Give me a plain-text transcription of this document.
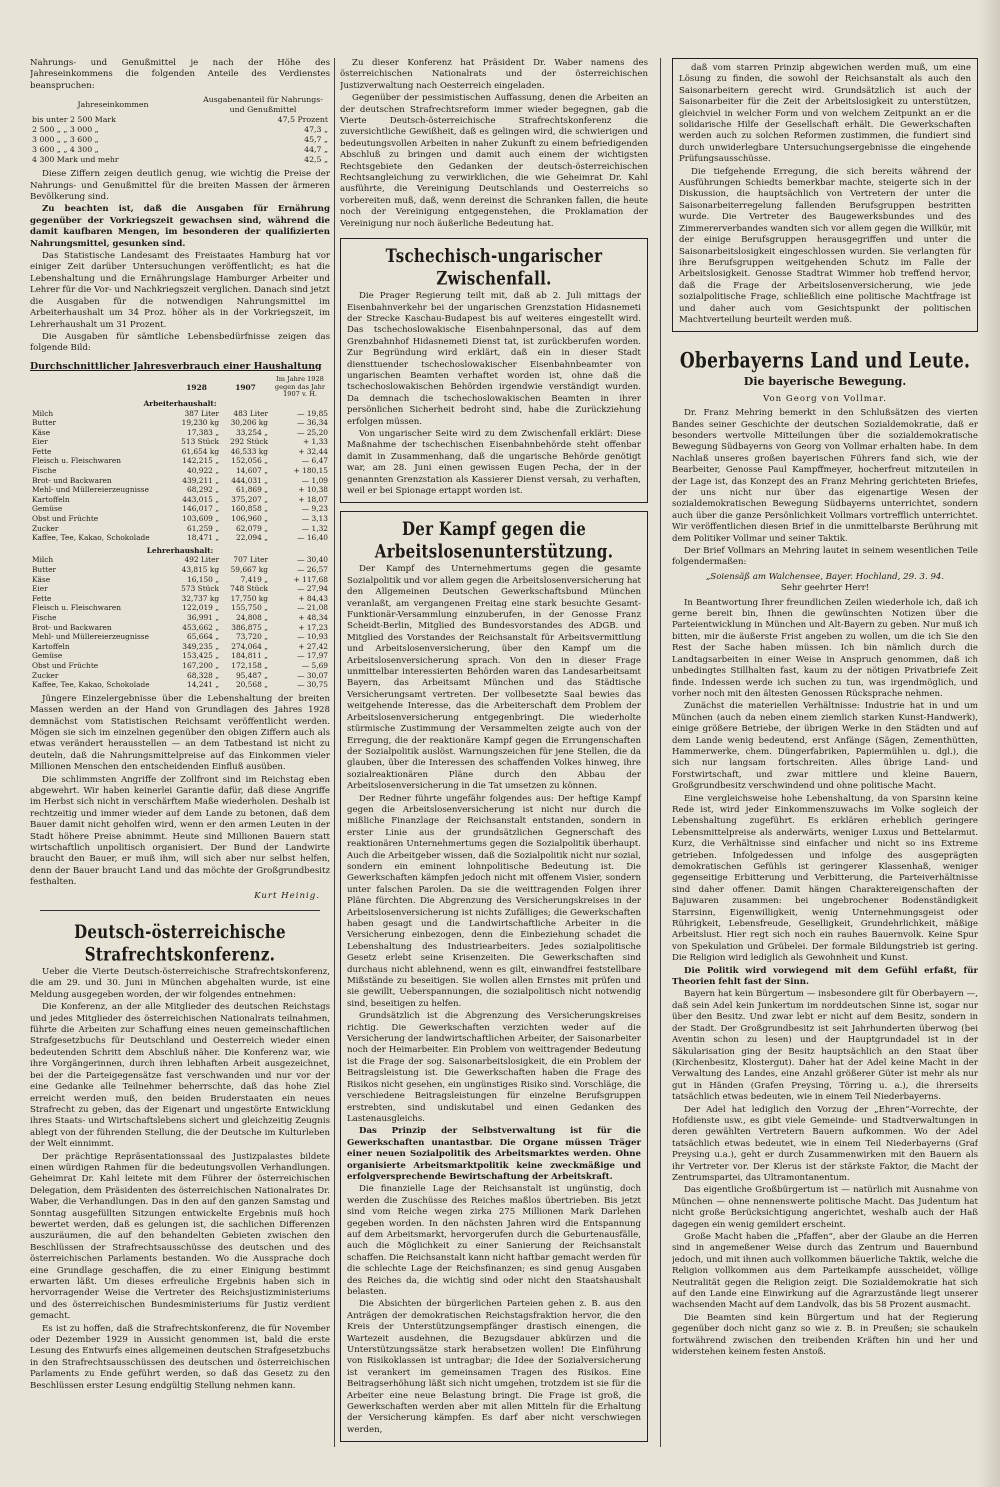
Nahrungs- und Genußmittel je nach der Höhe des Jahreseinkommens die folgenden Anteile des Verdienstes beanspruchen:

Jahreseinkommen	Ausgabenanteil für Nahrungs- und Genußmittel
bis unter 2 500 Mark	47,5 Prozent
2 500 „ „ 3 000 „	47,3 „
3 000 „ „ 3 600 „	45,7 „
3 600 „ „ 4 300 „	44,7 „
4 300 Mark und mehr	42,5 „

Diese Ziffern zeigen deutlich genug, wie wichtig die Preise der Nahrungs- und Genußmittel für die breiten Massen der ärmeren Bevölkerung sind.

Zu beachten ist, daß die Ausgaben für Ernährung gegenüber der Vorkriegszeit gewachsen sind, während die damit kaufbaren Mengen, im besonderen der qualifizierten Nahrungsmittel, gesunken sind.

Das Statistische Landesamt des Freistaates Hamburg hat vor einiger Zeit darüber Untersuchungen veröffentlicht; es hat die Lebenshaltung und die Ernährungslage Hamburger Arbeiter und Lehrer für die Vor- und Nachkriegszeit verglichen. Danach sind jetzt die Ausgaben für die notwendigen Nahrungsmittel im Arbeiterhaushalt um 34 Proz. höher als in der Vorkriegszeit, im Lehrerhaushalt um 31 Prozent.

Die Ausgaben für sämtliche Lebensbedürfnisse zeigen das folgende Bild:

Durchschnittlicher Jahresverbrauch einer Haushaltung
	1928	1907	Im Jahre 1928 gegen das Jahr 1907 v. H.
Arbeiterhaushalt:			
Milch	387 Liter	483 Liter	— 19,85
Butter	19,230 kg	30,206 kg	— 36,34
Käse	17,383 „	33,254 „	— 25,20
Eier	513 Stück	292 Stück	+ 1,33
Fette	61,654 kg	46,533 kg	+ 32,44
Fleisch u. Fleischwaren	142,215 „	152,056 „	— 6,47
Fische	40,922 „	14,607 „	+ 180,15
Brot- und Backwaren	439,211 „	444,031 „	— 1,09
Mehl- und Müllereierzeugnisse	68,292 „	61,869 „	+ 10,38
Kartoffeln	443,015 „	375,207 „	+ 18,07
Gemüse	146,017 „	160,858 „	— 9,23
Obst und Früchte	103,609 „	106,960 „	— 3,13
Zucker	61,259 „	62,079 „	— 1,32
Kaffee, Tee, Kakao, Schokolade	18,471 „	22,094 „	— 16,40
Lehrerhaushalt:			
Milch	492 Liter	707 Liter	— 30,40
Butter	43,815 kg	59,667 kg	— 26,57
Käse	16,150 „	7,419 „	+ 117,68
Eier	573 Stück	748 Stück	— 27,94
Fette	32,737 kg	17,750 kg	+ 84,43
Fleisch u. Fleischwaren	122,019 „	155,750 „	— 21,08
Fische	36,991 „	24,808 „	+ 48,34
Brot- und Backwaren	453,662 „	386,875 „	+ 17,23
Mehl- und Müllereierzeugnisse	65,664 „	73,720 „	— 10,93
Kartoffeln	349,235 „	274,064 „	+ 27,42
Gemüse	153,425 „	184,811 „	— 17,97
Obst und Früchte	167,200 „	172,158 „	— 5,69
Zucker	68,328 „	95,487 „	— 30,07
Kaffee, Tee, Kakao, Schokolade	14,241 „	20,568 „	— 30,75

Jüngere Einzelergebnisse über die Lebenshaltung der breiten Massen werden an der Hand von Grundlagen des Jahres 1928 demnächst vom Statistischen Reichsamt veröffentlicht werden. Mögen sie sich im einzelnen gegenüber den obigen Ziffern auch als etwas verändert herausstellen — an dem Tatbestand ist nicht zu deuteln, daß die Nahrungsmittelpreise auf das Einkommen vieler Millionen Menschen den entscheidenden Einfluß ausüben.

Die schlimmsten Angriffe der Zollfront sind im Reichstag eben abgewehrt. Wir haben keinerlei Garantie dafür, daß diese Angriffe im Herbst sich nicht in verschärftem Maße wiederholen. Deshalb ist rechtzeitig und immer wieder auf dem Lande zu betonen, daß dem Bauer damit nicht geholfen wird, wenn er den armen Leuten in der Stadt höhere Preise abnimmt. Heute sind Millionen Bauern statt wirtschaftlich unpolitisch organisiert. Der Bund der Landwirte braucht den Bauer, er muß ihm, will sich aber nur selbst helfen, denn der Bauer braucht Land und das möchte der Großgrundbesitz festhalten.

Kurt Heinig.
Deutsch-österreichische Strafrechtskonferenz.

Ueber die Vierte Deutsch-österreichische Strafrechtskonferenz, die am 29. und 30. Juni in München abgehalten wurde, ist eine Meldung ausgegeben worden, der wir folgendes entnehmen:

Die Konferenz, an der alle Mitglieder des deutschen Reichstags und jedes Mitglieder des österreichischen Nationalrats teilnahmen, führte die Arbeiten zur Schaffung eines neuen gemeinschaftlichen Strafgesetzbuchs für Deutschland und Oesterreich wieder einen bedeutenden Schritt dem Abschluß näher. Die Konferenz war, wie ihre Vorgängerinnen, durch ihren lebhaften Arbeit ausgezeichnet, bei der die Parteigegensätze fast verschwanden und nur vor der eine Gedanke alle Teilnehmer beherrschte, daß das hohe Ziel erreicht werden muß, den beiden Bruderstaaten ein neues Strafrecht zu geben, das der Eigenart und ungestörte Entwicklung ihres Staats- und Wirtschaftslebens sichert und gleichzeitig Zeugnis ablegt von der führenden Stellung, die der Deutsche im Kulturleben der Welt einnimmt.

Der prächtige Repräsentationssaal des Justizpalastes bildete einen würdigen Rahmen für die bedeutungsvollen Verhandlungen. Geheimrat Dr. Kahl leitete mit dem Führer der österreichischen Delegation, dem Präsidenten des österreichischen Nationalrates Dr. Waber, die Verhandlungen. Das in den auf den ganzen Samstag und Sonntag ausgefüllten Sitzungen entwickelte Ergebnis muß hoch bewertet werden, daß es gelungen ist, die sachlichen Differenzen auszuräumen, die auf den behandelten Gebieten zwischen den Beschlüssen der Strafrechtsausschüsse des deutschen und des österreichischen Parlaments bestanden. Wo die Aussprache doch eine Grundlage geschaffen, die zu einer Einigung bestimmt erwarten läßt. Um dieses erfreuliche Ergebnis haben sich in hervorragender Weise die Vertreter des Reichsjustizministeriums und des österreichischen Bundesministeriums für Justiz verdient gemacht.

Es ist zu hoffen, daß die Strafrechtskonferenz, die für November oder Dezember 1929 in Aussicht genommen ist, bald die erste Lesung des Entwurfs eines allgemeinen deutschen Strafgesetzbuchs in den Strafrechtsausschüssen des deutschen und österreichischen Parlaments zu Ende geführt werden, so daß das Gesetz zu den Beschlüssen erster Lesung endgültig Stellung nehmen kann.

Zu dieser Konferenz hat Präsident Dr. Waber namens des österreichischen Nationalrats und der österreichischen Justizverwaltung nach Oesterreich eingeladen.

Gegenüber der pessimistischen Auffassung, denen die Arbeiten an der deutschen Strafrechtsreform immer wieder begegnen, gab die Vierte Deutsch-österreichische Strafrechtskonferenz die zuversichtliche Gewißheit, daß es gelingen wird, die schwierigen und bedeutungsvollen Arbeiten in naher Zukunft zu einem befriedigenden Abschluß zu bringen und damit auch einem der wichtigsten Rechtsgebiete den Gedanken der deutsch-österreichischen Rechtsangleichung zu verwirklichen, die wie Geheimrat Dr. Kahl ausführte, die Vereinigung Deutschlands und Oesterreichs so vorbereiten muß, daß, wenn dereinst die Schranken fallen, die heute noch der Vereinigung entgegenstehen, die Proklamation der Vereinigung nur noch äußerliche Bedeutung hat.

Tschechisch-ungarischer Zwischenfall.

Die Prager Regierung teilt mit, daß ab 2. Juli mittags der Eisenbahnverkehr bei der ungarischen Grenzstation Hidasnemeti der Strecke Kaschau-Budapest bis auf weiteres eingestellt wird. Das tschechoslowakische Eisenbahnpersonal, das auf dem Grenzbahnhof Hidasnemeti Dienst tat, ist zurückberufen worden. Zur Begründung wird erklärt, daß ein in dieser Stadt diensttuender tschechoslowakischer Eisenbahnbeamter von ungarischen Beamten verhaftet worden ist, ohne daß die tschechoslowakischen Behörden irgendwie verständigt wurden. Da demnach die tschechoslowakischen Beamten in ihrer persönlichen Sicherheit bedroht sind, habe die Zurückziehung erfolgen müssen.

Von ungarischer Seite wird zu dem Zwischenfall erklärt: Diese Maßnahme der tschechischen Eisenbahnbehörde steht offenbar damit in Zusammenhang, daß die ungarische Behörde genötigt war, am 28. Juni einen gewissen Eugen Pecha, der in der genannten Grenzstation als Kassierer Dienst versah, zu verhaften, weil er bei Spionage ertappt worden ist.

Der Kampf gegen die Arbeitslosenunterstützung.

Der Kampf des Unternehmertums gegen die gesamte Sozialpolitik und vor allem gegen die Arbeitslosenversicherung hat den Allgemeinen Deutschen Gewerkschaftsbund München veranlaßt, am vergangenen Freitag eine stark besuchte Gesamt-Funktionär-Versammlung einzuberufen, in der Genosse Franz Scheidt-Berlin, Mitglied des Bundesvorstandes des ADGB. und Mitglied des Vorstandes der Reichsanstalt für Arbeitsvermittlung und Arbeitslosenversicherung, über den Kampf um die Arbeitslosenversicherung sprach. Von den in dieser Frage unmittelbar interessierten Behörden waren das Landesarbeitsamt Bayern, das Arbeitsamt München und das Städtische Versicherungsamt vertreten. Der vollbesetzte Saal bewies das weitgehende Interesse, das die Arbeiterschaft dem Problem der Arbeitslosenversicherung entgegenbringt. Die wiederholte stürmische Zustimmung der Versammelten zeigte auch von der Erregung, die der reaktionäre Kampf gegen die Errungenschaften der Sozialpolitik auslöst. Warnungszeichen für jene Stellen, die da glauben, über die Interessen des schaffenden Volkes hinweg, ihre sozialreaktionären Pläne durch den Abbau der Arbeitslosenversicherung in die Tat umsetzen zu können.

Der Redner führte ungefähr folgendes aus: Der heftige Kampf gegen die Arbeitslosenversicherung ist nicht nur durch die mißliche Finanzlage der Reichsanstalt entstanden, sondern in erster Linie aus der grundsätzlichen Gegnerschaft des reaktionären Unternehmertums gegen die Sozialpolitik überhaupt. Auch die Arbeitgeber wissen, daß die Sozialpolitik nicht nur sozial, sondern ein eminent lohnpolitische Bedeutung ist. Die Gewerkschaften kämpfen jedoch nicht mit offenem Visier, sondern unter falschen Parolen. Da sie die weittragenden Folgen ihrer Pläne fürchten. Die Abgrenzung des Versicherungskreises in der Arbeitslosenversicherung ist nichts Zufälliges; die Gewerkschaften haben gesagt und die Landwirtschaftliche Arbeiter in die Versicherung einbezogen, denn die Einbeziehung schadet die Lebenshaltung des Industriearbeiters. Jedes sozialpolitische Gesetz erlebt seine Krisenzeiten. Die Gewerkschaften sind durchaus nicht ablehnend, wenn es gilt, einwandfrei feststellbare Mißstände zu beseitigen. Sie wollen allen Ernstes mit prüfen und sie gewillt, Ueberspannungen, die sozialpolitisch nicht notwendig sind, beseitigen zu helfen.

Grundsätzlich ist die Abgrenzung des Versicherungskreises richtig. Die Gewerkschaften verzichten weder auf die Versicherung der landwirtschaftlichen Arbeiter, der Saisonarbeiter noch der Heimarbeiter. Ein Problem von weittragender Bedeutung ist die Frage der sog. Saisonarbeitslosigkeit, die ein Problem der Beitragsleistung ist. Die Gewerkschaften haben die Frage des Risikos nicht gesehen, ein ungünstiges Risiko sind. Vorschläge, die verschiedene Beitragsleistungen für einzelne Berufsgruppen erstrebten, sind undiskutabel und einen Gedanken des Lastenausgleichs.

Das Prinzip der Selbstverwaltung ist für die Gewerkschaften unantastbar. Die Organe müssen Träger einer neuen Sozialpolitik des Arbeitsmarktes werden. Ohne organisierte Arbeitsmarktpolitik keine zweckmäßige und erfolgversprechende Bewirtschaftung der Arbeitskraft.

Die finanzielle Lage der Reichsanstalt ist ungünstig, doch werden die Zuschüsse des Reiches maßlos übertrieben. Bis jetzt sind vom Reiche wegen zirka 275 Millionen Mark Darlehen gegeben worden. In den nächsten Jahren wird die Entspannung auf dem Arbeitsmarkt, hervorgerufen durch die Geburtenausfälle, auch die Möglichkeit zu einer Sanierung der Reichsanstalt schaffen. Die Reichsanstalt kann nicht haftbar gemacht werden für die schlechte Lage der Reichsfinanzen; es sind genug Ausgaben des Reiches da, die wichtig sind oder nicht den Staatshaushalt belasten.

Die Absichten der bürgerlichen Parteien gehen z. B. aus den Anträgen der demokratischen Reichstagsfraktion hervor, die den Kreis der Unterstützungsempfänger drastisch einengen, die Wartezeit ausdehnen, die Bezugsdauer abkürzen und die Unterstützungssätze stark herabsetzen wollen! Die Einführung von Risikoklassen ist untragbar; die Idee der Sozialversicherung ist verankert im gemeinsamen Tragen des Risikos. Eine Beitragserhöhung läßt sich nicht umgehen, trotzdem ist sie für die Arbeiter eine neue Belastung bringt. Die Frage ist groß, die Gewerkschaften werden aber mit allen Mitteln für die Erhaltung der Versicherung kämpfen. Es darf aber nicht verschwiegen werden,

daß vom starren Prinzip abgewichen werden muß, um eine Lösung zu finden, die sowohl der Reichsanstalt als auch den Saisonarbeitern gerecht wird. Grundsätzlich ist auch der Saisonarbeiter für die Zeit der Arbeitslosigkeit zu unterstützen, gleichviel in welcher Form und von welchem Zeitpunkt an er die solidarische Hilfe der Gesellschaft erhält. Die Gewerkschaften werden auch zu solchen Reformen zustimmen, die fundiert sind durch unwiderlegbare Untersuchungsergebnisse die eingehende Prüfungsausschüsse.

Die tiefgehende Erregung, die sich bereits während der Ausführungen Schiedts bemerkbar machte, steigerte sich in der Diskussion, die hauptsächlich von Vertretern der unter die Saisonarbeiterregelung fallenden Berufsgruppen bestritten wurde. Die Vertreter des Baugewerksbundes und des Zimmererverbandes wandten sich vor allem gegen die Willkür, mit der einige Berufsgruppen herausgegriffen und unter die Saisonarbeitslosigkeit eingeschlossen wurden. Sie verlangten für ihre Berufsgruppen weitgehenden Schutz im Falle der Arbeitslosigkeit. Genosse Stadtrat Wimmer hob treffend hervor, daß die Frage der Arbeitslosenversicherung, wie jede sozialpolitische Frage, schließlich eine politische Machtfrage ist und daher auch vom Gesichtspunkt der politischen Machtverteilung beurteilt werden muß.

Oberbayerns Land und Leute.
Die bayerische Bewegung.
Von Georg von Vollmar.

Dr. Franz Mehring bemerkt in den Schlußsätzen des vierten Bandes seiner Geschichte der deutschen Sozialdemokratie, daß er besonders wertvolle Mitteilungen über die sozialdemokratische Bewegung Südbayerns von Georg von Vollmar erhalten habe. In dem Nachlaß unseres großen bayerischen Führers fand sich, wie der Bearbeiter, Genosse Paul Kampffmeyer, hocherfreut mitzuteilen in der Lage ist, das Konzept des an Franz Mehring gerichteten Briefes, der uns nicht nur über das eigenartige Wesen der sozialdemokratischen Bewegung Südbayerns unterrichtet, sondern auch über die ganze Persönlichkeit Vollmars vortrefflich unterrichtet. Wir veröffentlichen diesen Brief in die unmittelbarste Berührung mit dem Politiker Vollmar und seiner Taktik.

Der Brief Vollmars an Mehring lautet in seinem wesentlichen Teile folgendermaßen:

„Soiensäß am Walchensee, Bayer. Hochland, 29. 3. 94.
Sehr geehrter Herr!

In Beantwortung Ihrer freundlichen Zeilen wiederhole ich, daß ich gerne bereit bin, Ihnen die gewünschten Notizen über die Parteientwicklung in München und Alt-Bayern zu geben. Nur muß ich bitten, mir die äußerste Frist angeben zu wollen, um die ich Sie den Rest der Sache haben müssen. Ich bin nämlich durch die Landtagsarbeiten in einer Weise in Anspruch genommen, daß ich unbedingtes Stillhalten fast, kaum zu der nötigen Privatbriefe Zeit finde. Indessen werde ich suchen zu tun, was irgendmöglich, und vorher noch mit den ältesten Genossen Rücksprache nehmen.

Zunächst die materiellen Verhältnisse: Industrie hat in und um München (auch da neben einem ziemlich starken Kunst-Handwerk), einige größere Betriebe, der übrigen Werke in den Städten und auf dem Lande wenig bedeutend, erst Anfänge (Sägen, Zementhütten, Hammerwerke, chem. Düngerfabriken, Papiermühlen u. dgl.), die sich nur langsam fortschreiten. Alles übrige Land- und Forstwirtschaft, und zwar mittlere und kleine Bauern, Großgrundbesitz verschwindend und ohne politische Macht.

Eine vergleichsweise hohe Lebenshaltung, da von Sparsinn keine Rede ist, wird jeder Einkommenszuwachs im Volke sogleich der Lebenshaltung zugeführt. Es erklären erheblich geringere Lebensmittelpreise als anderwärts, weniger Luxus und Bettelarmut. Kurz, die Verhältnisse sind einfacher und nicht so ins Extreme getrieben. Infolgedessen und infolge des ausgeprägten demokratischen Gefühls ist geringerer Klassenhaß, weniger gegenseitige Erbitterung und Verbitterung, die Parteiverhältnisse sind daher offener. Damit hängen Charaktereigenschaften der Bajuwaren zusammen: bei ungebrochener Bodenständigkeit Starrsinn, Eigenwilligkeit, wenig Unternehmungsgeist oder Rührigkeit, Lebensfreude, Geselligkeit, Grundehrlichkeit, mäßige Arbeitslust. Hier regt sich noch ein rauhes Bauernvolk. Keine Spur von Spekulation und Grübelei. Der formale Bildungstrieb ist gering. Die Religion wird lediglich als Gewohnheit und Kunst.

Die Politik wird vorwiegend mit dem Gefühl erfaßt, für Theorien fehlt fast der Sinn.

Bayern hat kein Bürgertum — insbesondere gilt für Oberbayern —, daß sein Adel kein Junkertum im norddeutschen Sinne ist, sogar nur über den Besitz. Und zwar lebt er nicht auf dem Besitz, sondern in der Stadt. Der Großgrundbesitz ist seit Jahrhunderten überwog (bei Aventin schon zu lesen) und der Hauptgrundadel ist in der Säkularisation ging der Besitz hauptsächlich an den Staat über (Kirchenbesitz, Klostergut). Daher hat der Adel keine Macht in der Verwaltung des Landes, eine Anzahl größerer Güter ist mehr als nur gut in Händen (Grafen Preysing, Törring u. a.), die ihrerseits tatsächlich etwas bedeuten, wie in einem Teil Niederbayerns.

Der Adel hat lediglich den Vorzug der „Ehren“-Vorrechte, der Hofdienste usw., es gibt viele Gemeinde- und Stadtverwaltungen in deren gewählten Vertretern Bauern aufkommen. Wo der Adel tatsächlich etwas bedeutet, wie in einem Teil Niederbayerns (Graf Preysing u.a.), geht er durch Zusammenwirken mit den Bauern als ihr Vertreter vor. Der Klerus ist der stärkste Faktor, die Macht der Zentrumspartei, das Ultramontanentum.

Das eigentliche Großbürgertum ist — natürlich mit Ausnahme von München — ohne nennenswerte politische Macht. Das Judentum hat nicht große Berücksichtigung angerichtet, weshalb auch der Haß dagegen ein wenig gemildert erscheint.

Große Macht haben die „Pfaffen“, aber der Glaube an die Herren sind in angemeßener Weise durch das Zentrum und Bauernbund jedoch, und mit ihnen auch vollkommen bäuerliche Taktik, welche die Religion vollkommen aus dem Parteikampfe ausscheidet, völlige Neutralität gegen die Religion zeigt. Die Sozialdemokratie hat sich auf den Lande eine Einwirkung auf die Agrarzustände liegt unserer wachsenden Macht auf dem Landvolk, das bis 58 Prozent ausmacht.

Die Beamten sind kein Bürgertum und hat der Regierung gegenüber doch nicht ganz so wie z. B. in Preußen; sie schaukeln fortwährend zwischen den treibenden Kräften hin und her und widerstehen keinem festen Anstoß.
